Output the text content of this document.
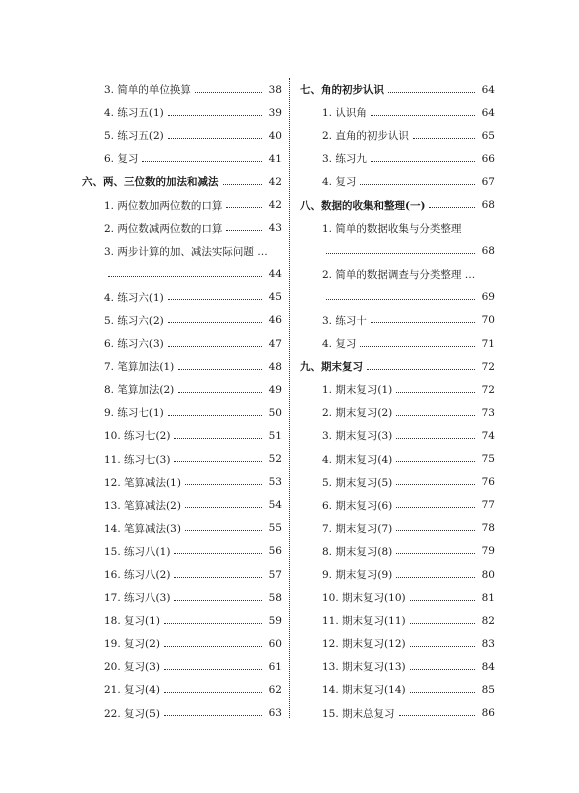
3. 简单的单位换算	38
4. 练习五(1)	39
5. 练习五(2)	40
6. 复习	41
六、两、三位数的加法和减法	42
1. 两位数加两位数的口算	42
2. 两位数减两位数的口算	43
3. 两步计算的加、减法实际问题 …
44
4. 练习六(1)	45
5. 练习六(2)	46
6. 练习六(3)	47
7. 笔算加法(1)	48
8. 笔算加法(2)	49
9. 练习七(1)	50
10. 练习七(2)	51
11. 练习七(3)	52
12. 笔算减法(1)	53
13. 笔算减法(2)	54
14. 笔算减法(3)	55
15. 练习八(1)	56
16. 练习八(2)	57
17. 练习八(3)	58
18. 复习(1)	59
19. 复习(2)	60
20. 复习(3)	61
21. 复习(4)	62
22. 复习(5)	63
七、角的初步认识	64
1. 认识角	64
2. 直角的初步认识	65
3. 练习九	66
4. 复习	67
八、数据的收集和整理(一)	68
1. 简单的数据收集与分类整理
68
2. 简单的数据调查与分类整理 …
69
3. 练习十	70
4. 复习	71
九、期末复习	72
1. 期末复习(1)	72
2. 期末复习(2)	73
3. 期末复习(3)	74
4. 期末复习(4)	75
5. 期末复习(5)	76
6. 期末复习(6)	77
7. 期末复习(7)	78
8. 期末复习(8)	79
9. 期末复习(9)	80
10. 期末复习(10)	81
11. 期末复习(11)	82
12. 期末复习(12)	83
13. 期末复习(13)	84
14. 期末复习(14)	85
15. 期末总复习	86
